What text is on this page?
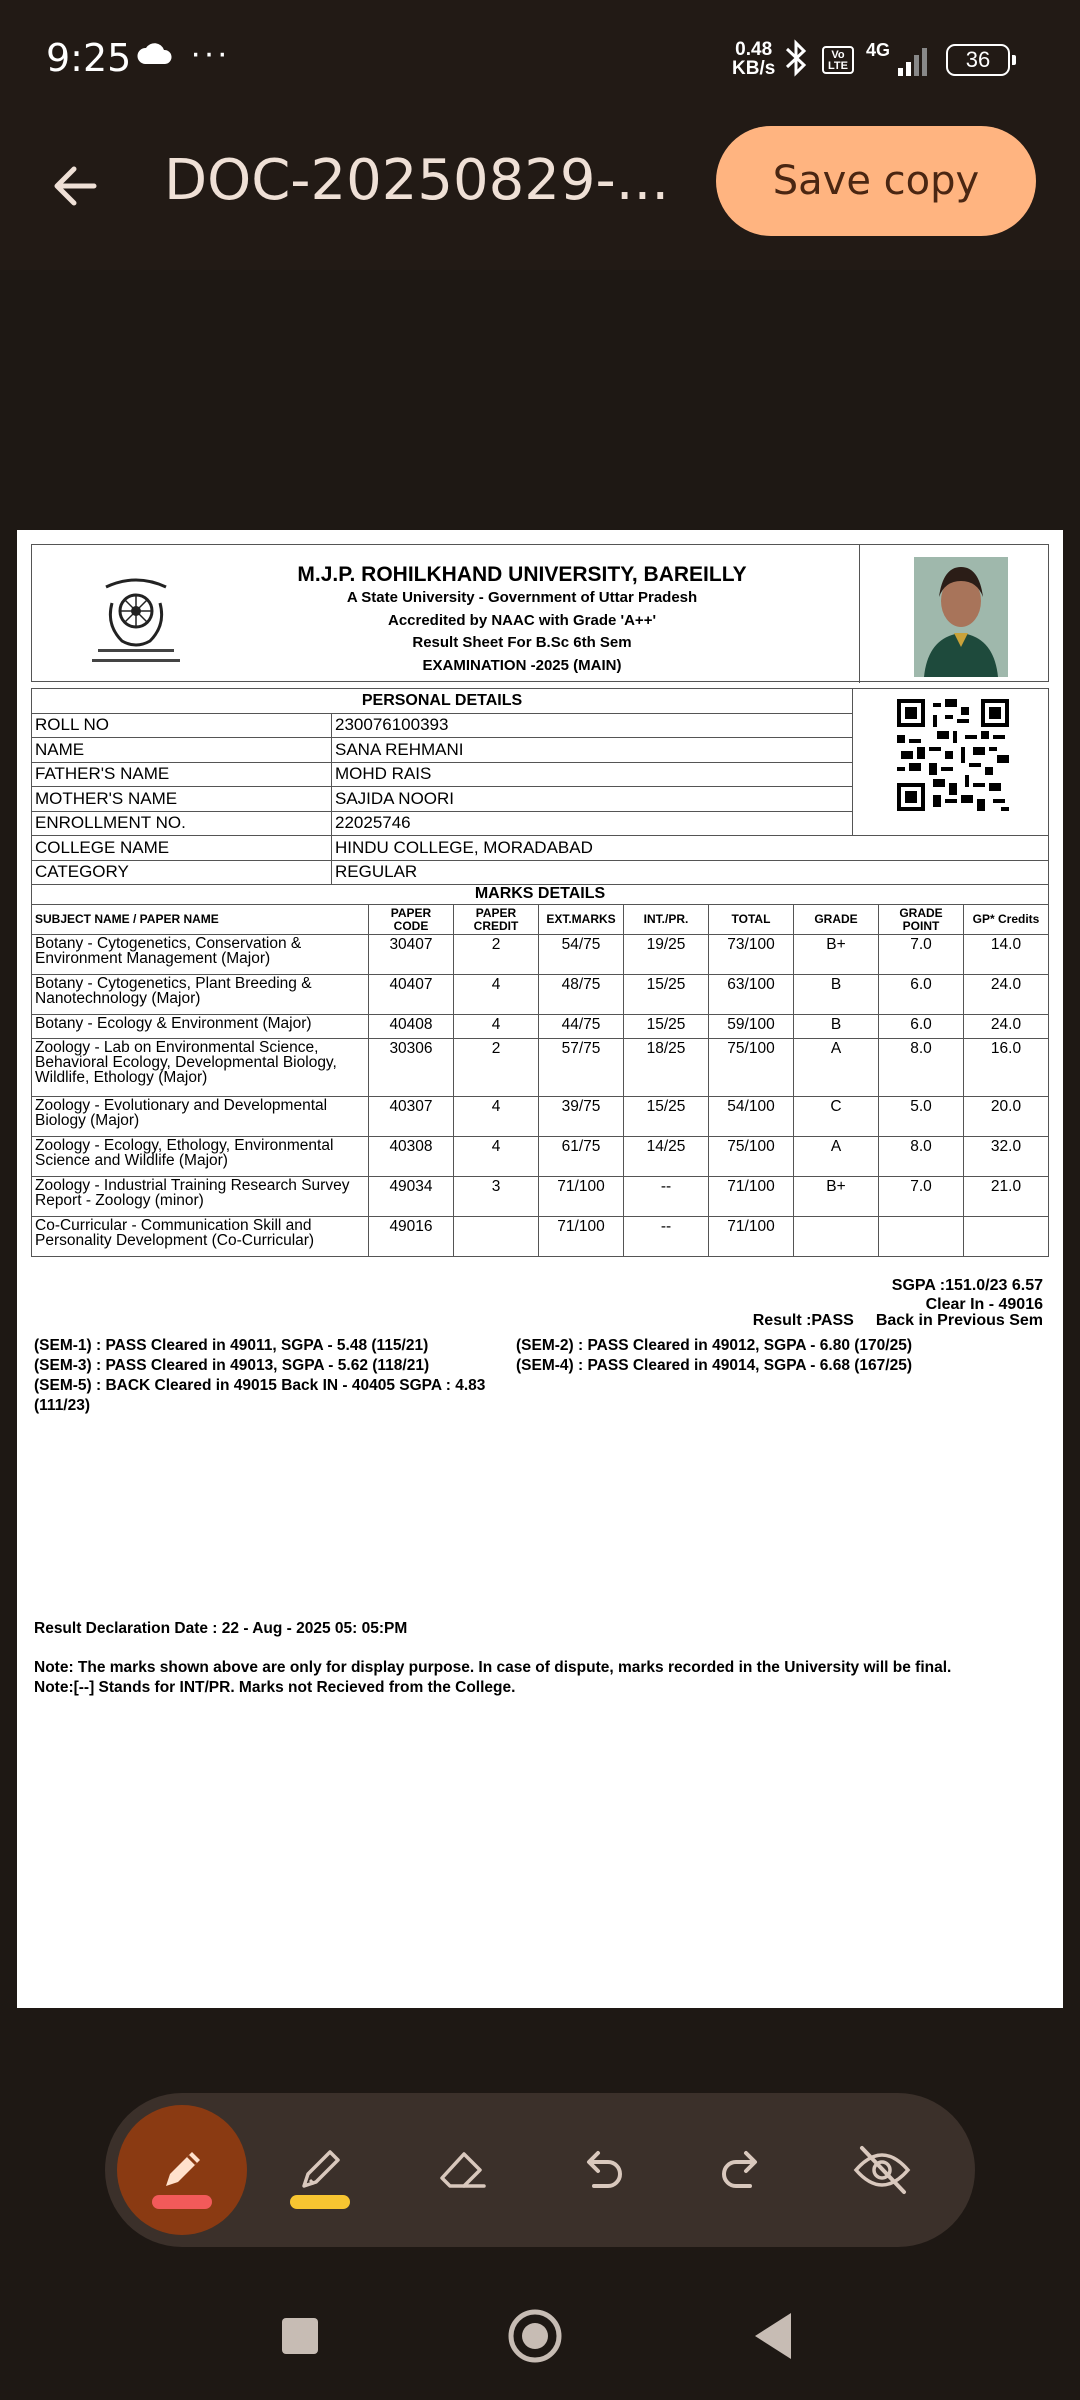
9:25 ···	0.48
KB/s
Vo LTE
4G	36
DOC-20250829-...	Save copy
M.J.P. ROHILKHAND UNIVERSITY, BAREILLY
A State University - Government of Uttar Pradesh
Accredited by NAAC with Grade 'A++'
Result Sheet For B.Sc 6th Sem
EXAMINATION -2025 (MAIN)
PERSONAL DETAILS	

ROLL NO	230076100393	
NAME	SANA REHMANI	
FATHER'S NAME	MOHD RAIS	
MOTHER'S NAME	SAJIDA NOORI	
ENROLLMENT NO.	22025746	
COLLEGE NAME	HINDU COLLEGE, MORADABAD	
CATEGORY	REGULAR	
MARKS DETAILS								
SUBJECT NAME / PAPER NAME	PAPER CODE	PAPER CREDIT	EXT.MARKS	INT./PR.	TOTAL	GRADE	GRADE POINT	GP* Credits
Botany - Cytogenetics, Conservation & Environment Management (Major)	30407	2	54/75	19/25	73/100	B+	7.0	14.0
Botany - Cytogenetics, Plant Breeding & Nanotechnology (Major)	40407	4	48/75	15/25	63/100	B	6.0	24.0
Botany - Ecology & Environment (Major)	40408	4	44/75	15/25	59/100	B	6.0	24.0
Zoology - Lab on Environmental Science, Behavioral Ecology, Developmental Biology, Wildlife, Ethology (Major)	30306	2	57/75	18/25	75/100	A	8.0	16.0
Zoology - Evolutionary and Developmental Biology (Major)	40307	4	39/75	15/25	54/100	C	5.0	20.0
Zoology - Ecology, Ethology, Environmental Science and Wildlife (Major)	40308	4	61/75	14/25	75/100	A	8.0	32.0
Zoology - Industrial Training Research Survey Report - Zoology (minor)	49034	3	71/100	--	71/100	B+	7.0	21.0
Co-Curricular - Communication Skill and Personality Development (Co-Curricular)	49016		71/100	--	71/100			
SGPA :151.0/23 6.57
Clear In - 49016
Result :PASS Back in Previous Sem
(SEM-1) : PASS Cleared in 49011, SGPA - 5.48 (115/21)
(SEM-3) : PASS Cleared in 49013, SGPA - 5.62 (118/21)
(SEM-5) : BACK Cleared in 49015 Back IN - 40405 SGPA : 4.83 (111/23)
(SEM-2) : PASS Cleared in 49012, SGPA - 6.80 (170/25)
(SEM-4) : PASS Cleared in 49014, SGPA - 6.68 (167/25)
Result Declaration Date : 22 - Aug - 2025 05: 05:PM
Note: The marks shown above are only for display purpose. In case of dispute, marks recorded in the University will be final.
Note:[--] Stands for INT/PR. Marks not Recieved from the College.
